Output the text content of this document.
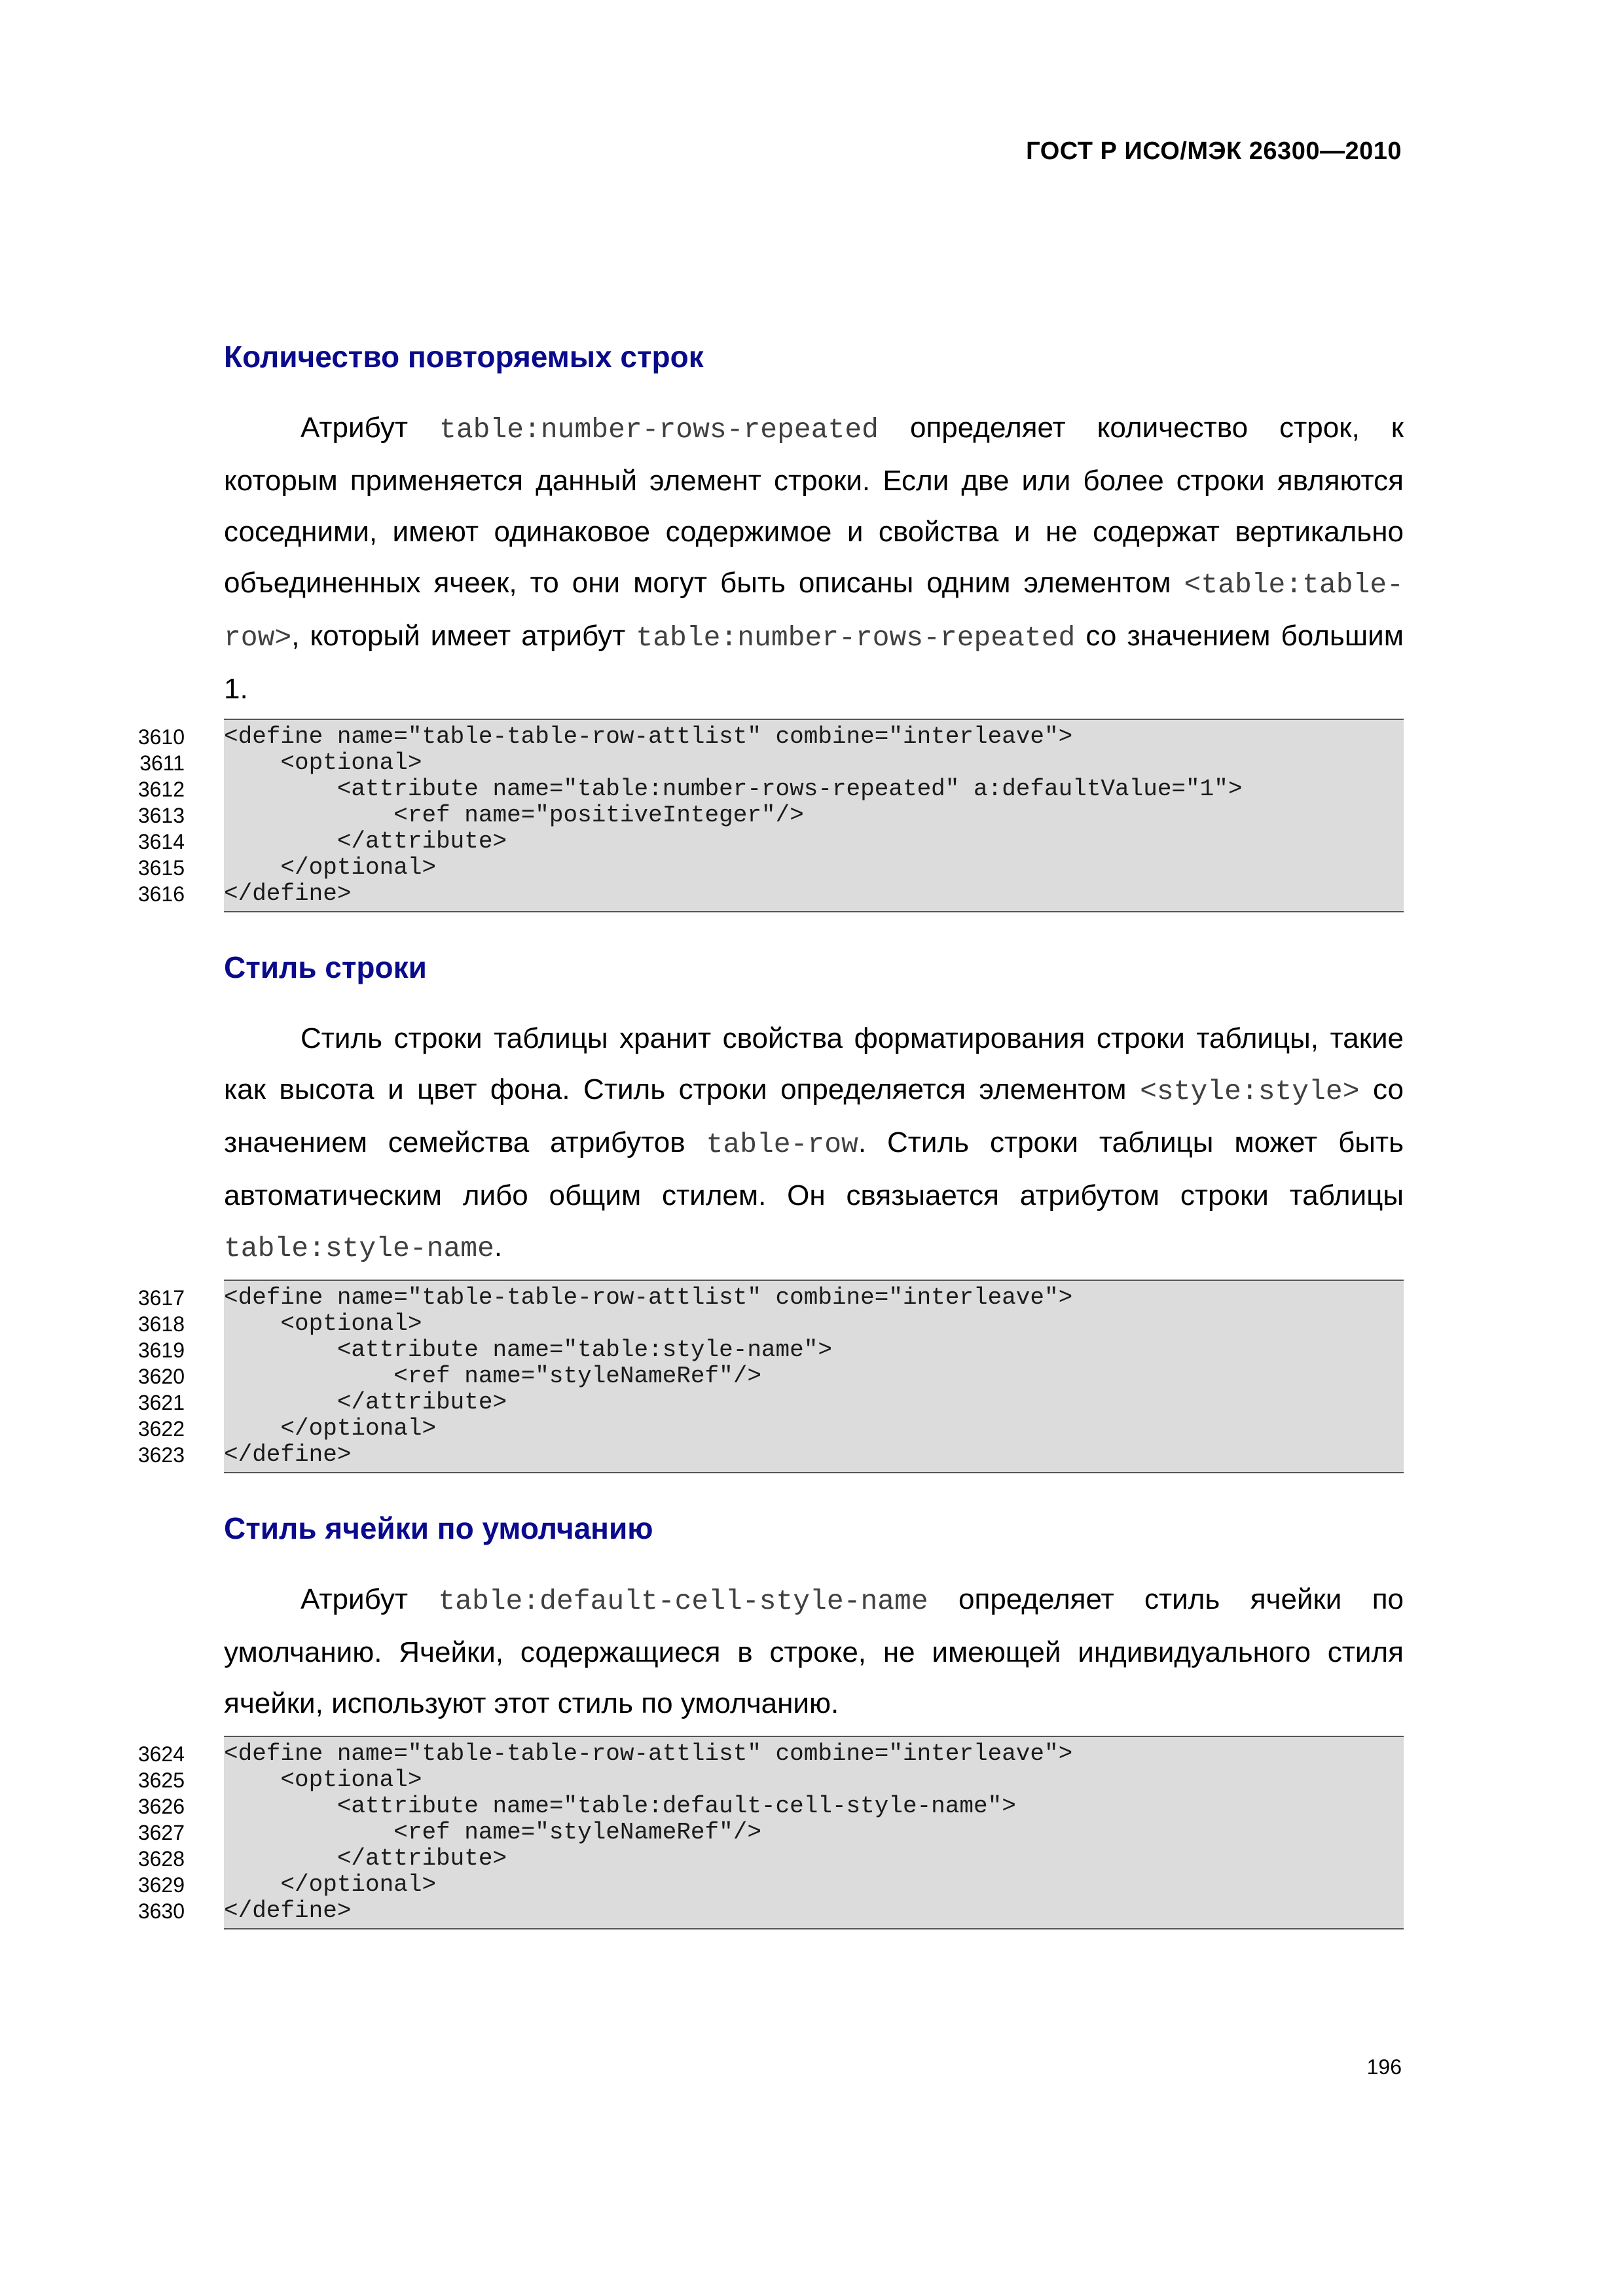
ГОСТ Р ИСО/МЭК 26300—2010
Количество повторяемых строк

Атрибут table:number-rows-repeated определяет количество строк, к которым применяется данный элемент строки. Если две или более строки являются соседними, имеют одинаковое содержимое и свойства и не содержат вертикально объединенных ячеек, то они могут быть описаны одним элементом <table:table-row>, который имеет атрибут table:number-rows-repeated со значением большим 1.

3610 <define name="table-table-row-attlist" combine="interleave">
3611 <optional>
3612 <attribute name="table:number-rows-repeated" a:defaultValue="1">
3613 <ref name="positiveInteger"/>
3614 </attribute>
3615 </optional>
3616 </define>
Стиль строки

Стиль строки таблицы хранит свойства форматирования строки таблицы, такие как высота и цвет фона. Стиль строки определяется элементом <style:style> со значением семейства атрибутов table-row. Стиль строки таблицы может быть автоматическим либо общим стилем. Он связыается атрибутом строки таблицы table:style-name.

3617 <define name="table-table-row-attlist" combine="interleave">
3618 <optional>
3619 <attribute name="table:style-name">
3620 <ref name="styleNameRef"/>
3621 </attribute>
3622 </optional>
3623 </define>
Стиль ячейки по умолчанию

Атрибут table:default-cell-style-name определяет стиль ячейки по умолчанию. Ячейки, содержащиеся в строке, не имеющей индивидуального стиля ячейки, используют этот стиль по умолчанию.

3624 <define name="table-table-row-attlist" combine="interleave">
3625 <optional>
3626 <attribute name="table:default-cell-style-name">
3627 <ref name="styleNameRef"/>
3628 </attribute>
3629 </optional>
3630 </define>
196
